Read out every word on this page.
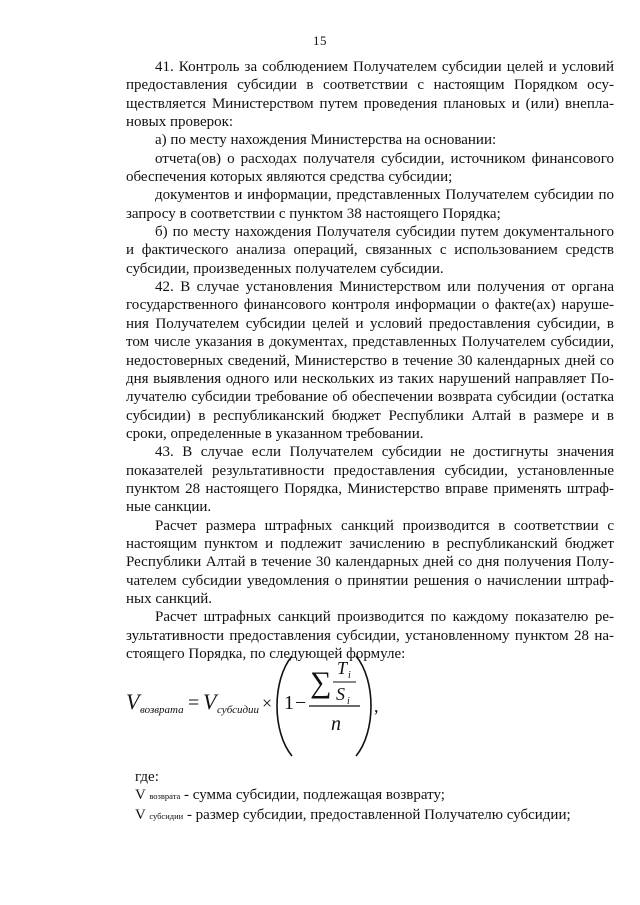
15

41. Контроль за соблюдением Получателем субсидии целей и условий предоставления субсидии в соответствии с настоящим Порядком осуществляется Министерством путем проведения плановых и (или) внеплановых проверок:

а) по месту нахождения Министерства на основании:

отчета(ов) о расходах получателя субсидии, источником финансового обеспечения которых являются средства субсидии;

документов и информации, представленных Получателем субсидии по запросу в соответствии с пунктом 38 настоящего Порядка;

б) по месту нахождения Получателя субсидии путем документального и фактического анализа операций, связанных с использованием средств субсидии, произведенных получателем субсидии.

42. В случае установления Министерством или получения от органа государственного финансового контроля информации о факте(ах) нарушения Получателем субсидии целей и условий предоставления субсидии, в том числе указания в документах, представленных Получателем субсидии, недостоверных сведений, Министерство в течение 30 календарных дней со дня выявления одного или нескольких из таких нарушений направляет Получателю субсидии требование об обеспечении возврата субсидии (остатка субсидии) в республиканский бюджет Республики Алтай в размере и в сроки, определенные в указанном требовании.

43. В случае если Получателем субсидии не достигнуты значения показателей результативности предоставления субсидии, установленные пунктом 28 настоящего Порядка, Министерство вправе применять штрафные санкции.

Расчет размера штрафных санкций производится в соответствии с настоящим пунктом и подлежит зачислению в республиканский бюджет Республики Алтай в течение 30 календарных дней со дня получения Получателем субсидии уведомления о принятии решения о начислении штрафных санкций.

Расчет штрафных санкций производится по каждому показателю результативности предоставления субсидии, установленному пунктом 28 настоящего Порядка, по следующей формуле:

V возврата = V субсидии × 1 −
∑ T i
S i
n
,

где:

V возврата - сумма субсидии, подлежащая возврату;

V субсидии - размер субсидии, предоставленной Получателю субсидии;
